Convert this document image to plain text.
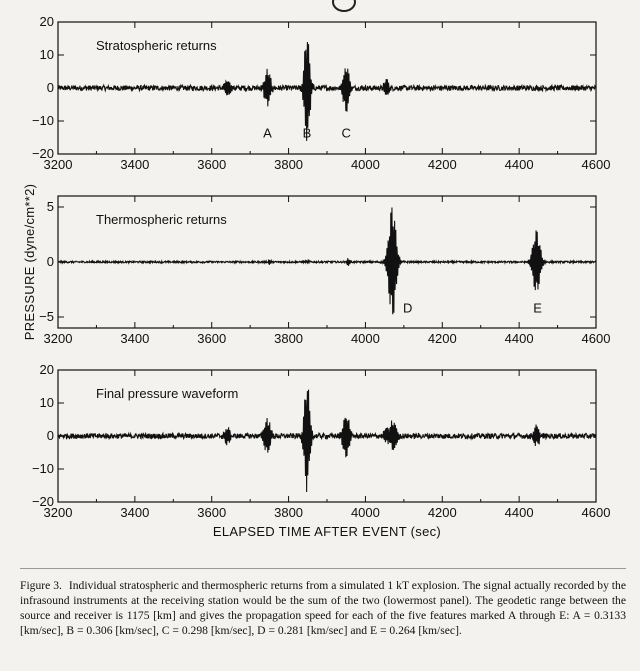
3200	3400	3600	3800	4000	4200	4400	4600
20
10
0
−10
−20
Stratospheric returns
A B C
3200	3400	3600	3800	4000	4200	4400	4600
5
0
−5
Thermospheric returns
D	E
PRESSURE (dyne/cm**2)
3200	3400	3600	3800	4000	4200	4400	4600
20
10
0
−10
−20
Final pressure waveform
ELAPSED TIME AFTER EVENT (sec)
Figure 3. Individual stratospheric and thermospheric returns from a simulated 1 kT explosion. The signal actually recorded by the infrasound instruments at the receiving station would be the sum of the two (lowermost panel). The geodetic range between the source and receiver is 1175 [km] and gives the propagation speed for each of the five features marked A through E: A = 0.3133 [km/sec], B = 0.306 [km/sec], C = 0.298 [km/sec], D = 0.281 [km/sec] and E = 0.264 [km/sec].
